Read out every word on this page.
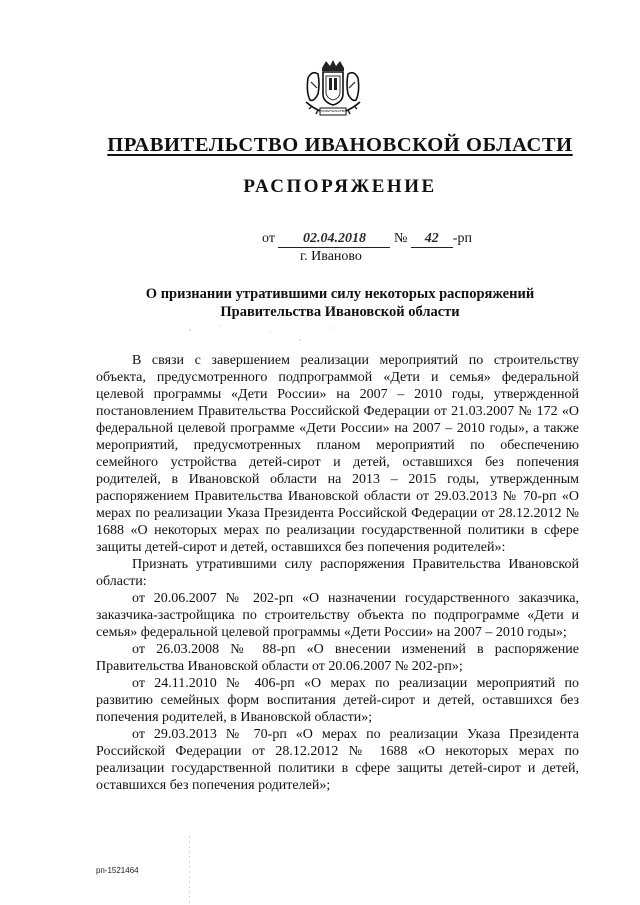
ПРАВИТЕЛЬСТВО
ПРАВИТЕЛЬСТВО ИВАНОВСКОЙ ОБЛАСТИ
РАСПОРЯЖЕНИЕ
от 02.04.2018 № 42 -рп
г. Иваново
О признании утратившими силу некоторых распоряжений
Правительства Ивановской области

В связи с завершением реализации мероприятий по строительству объекта, предусмотренного подпрограммой «Дети и семья» федеральной целевой программы «Дети России» на 2007 – 2010 годы, утвержденной постановлением Правительства Российской Федерации от 21.03.2007 № 172 «О федеральной целевой программе «Дети России» на 2007 – 2010 годы», а также мероприятий, предусмотренных планом мероприятий по обеспечению семейного устройства детей-сирот и детей, оставшихся без попечения родителей, в Ивановской области на 2013 – 2015 годы, утвержденным распоряжением Правительства Ивановской области от 29.03.2013 № 70-рп «О мерах по реализации Указа Президента Российской Федерации от 28.12.2012 № 1688 «О некоторых мерах по реализации государственной политики в сфере защиты детей-сирот и детей, оставшихся без попечения родителей»:

Признать утратившими силу распоряжения Правительства Ивановской области:

от 20.06.2007 № 202-рп «О назначении государственного заказчика, заказчика-застройщика по строительству объекта по подпрограмме «Дети и семья» федеральной целевой программы «Дети России» на 2007 – 2010 годы»;

от 26.03.2008 № 88-рп «О внесении изменений в распоряжение Правительства Ивановской области от 20.06.2007 № 202-рп»;

от 24.11.2010 № 406-рп «О мерах по реализации мероприятий по развитию семейных форм воспитания детей-сирот и детей, оставшихся без попечения родителей, в Ивановской области»;

от 29.03.2013 № 70-рп «О мерах по реализации Указа Президента Российской Федерации от 28.12.2012 № 1688 «О некоторых мерах по реализации государственной политики в сфере защиты детей-сирот и детей, оставшихся без попечения родителей»;

рп-1521464
